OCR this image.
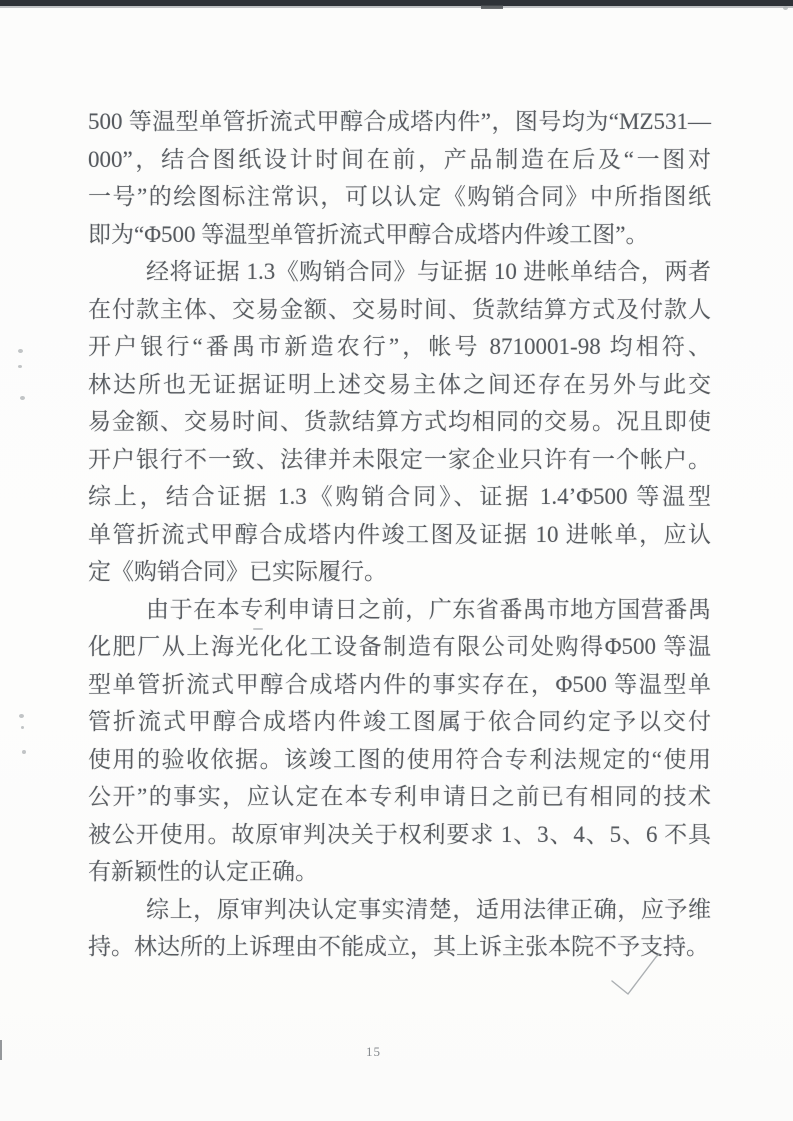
500 等温型单管折流式甲醇合成塔内件”，图号均为“MZ531—
000”，结合图纸设计时间在前，产品制造在后及“一图对
一号”的绘图标注常识，可以认定《购销合同》中所指图纸
即为“Φ500 等温型单管折流式甲醇合成塔内件竣工图”。
经将证据 1.3《购销合同》与证据 10 进帐单结合，两者
在付款主体、交易金额、交易时间、货款结算方式及付款人
开户银行“番禺市新造农行”，帐号 8710001-98 均相符、
林达所也无证据证明上述交易主体之间还存在另外与此交
易金额、交易时间、货款结算方式均相同的交易。况且即使
开户银行不一致、法律并未限定一家企业只许有一个帐户。
综上，结合证据 1.3《购销合同》、证据 1.4’Φ500 等温型
单管折流式甲醇合成塔内件竣工图及证据 10 进帐单，应认
定《购销合同》已实际履行。
由于在本专利申请日之前，广东省番禺市地方国营番禺
化肥厂从上海光化化工设备制造有限公司处购得Φ500 等温
型单管折流式甲醇合成塔内件的事实存在，Φ500 等温型单
管折流式甲醇合成塔内件竣工图属于依合同约定予以交付
使用的验收依据。该竣工图的使用符合专利法规定的“使用
公开”的事实，应认定在本专利申请日之前已有相同的技术
被公开使用。故原审判决关于权利要求 1、3、4、5、6 不具
有新颖性的认定正确。
综上，原审判决认定事实清楚，适用法律正确，应予维
持。林达所的上诉理由不能成立，其上诉主张本院不予支持。
15
